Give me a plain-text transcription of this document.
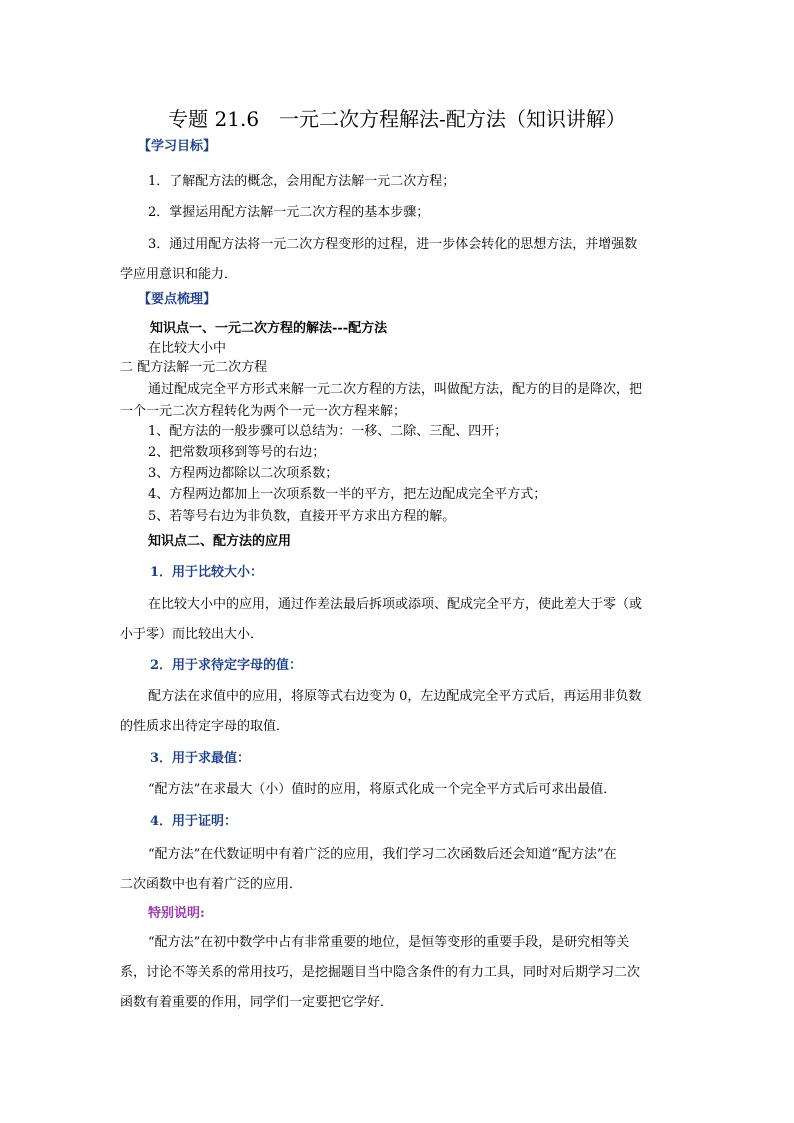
专题 21.6　一元二次方程解法-配方法（知识讲解）
【学习目标】
1．了解配方法的概念，会用配方法解一元二次方程；
2．掌握运用配方法解一元二次方程的基本步骤；
3．通过用配方法将一元二次方程变形的过程，进一步体会转化的思想方法，并增强数
学应用意识和能力．
【要点梳理】
知识点一、一元二次方程的解法---配方法
在比较大小中
二 配方法解一元二次方程
通过配成完全平方形式来解一元二次方程的方法，叫做配方法，配方的目的是降次，把
一个一元二次方程转化为两个一元一次方程来解；
1、配方法的一般步骤可以总结为：一移、二除、三配、四开；
2、把常数项移到等号的右边；
3、方程两边都除以二次项系数；
4、方程两边都加上一次项系数一半的平方，把左边配成完全平方式；
5、若等号右边为非负数，直接开平方求出方程的解。
知识点二、配方法的应用
1．用于比较大小：
在比较大小中的应用，通过作差法最后拆项或添项、配成完全平方，使此差大于零（或
小于零）而比较出大小．
2．用于求待定字母的值：
配方法在求值中的应用，将原等式右边变为 0，左边配成完全平方式后，再运用非负数
的性质求出待定字母的取值．
3．用于求最值：
“配方法”在求最大（小）值时的应用，将原式化成一个完全平方式后可求出最值．
4．用于证明：
“配方法”在代数证明中有着广泛的应用，我们学习二次函数后还会知道“配方法”在
二次函数中也有着广泛的应用．
特别说明:
“配方法”在初中数学中占有非常重要的地位，是恒等变形的重要手段，是研究相等关
系，讨论不等关系的常用技巧，是挖掘题目当中隐含条件的有力工具，同时对后期学习二次
函数有着重要的作用，同学们一定要把它学好．
